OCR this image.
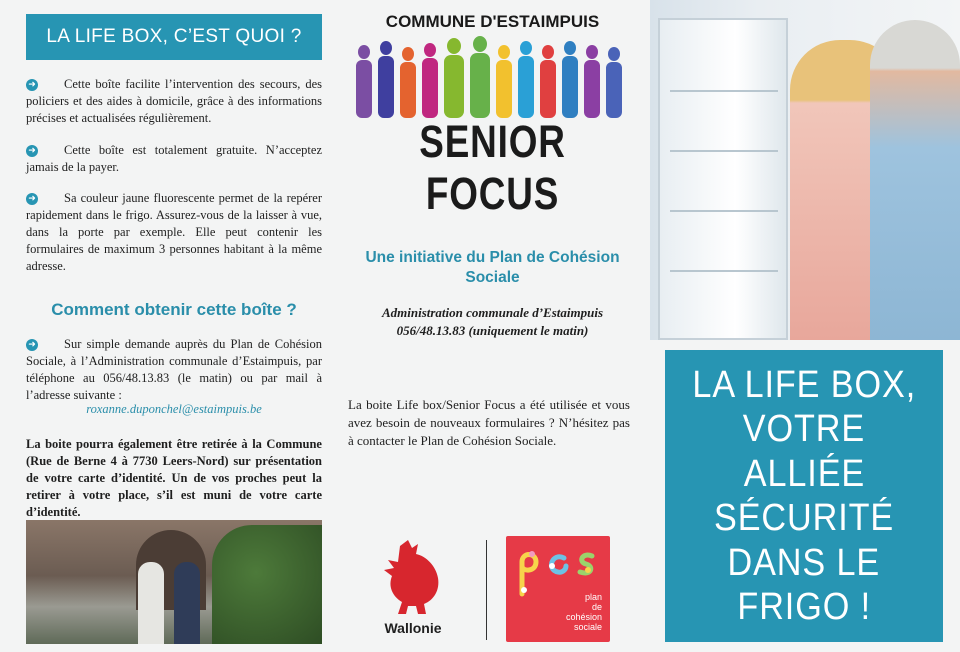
LA LIFE BOX, C’EST QUOI ?
➜ Cette boîte facilite l’intervention des secours, des policiers et des aides à domicile, grâce à des informations précises et actualisées régulièrement.
➜ Cette boîte est totalement gratuite. N’acceptez jamais de la payer.
➜ Sa couleur jaune fluorescente permet de la repérer rapidement dans le frigo. Assurez-vous de la laisser à vue, dans la porte par exemple. Elle peut contenir les formulaires de maximum 3 personnes habitant à la même adresse.
Comment obtenir cette boîte ?
➜ Sur simple demande auprès du Plan de Cohésion Sociale, à l’Administration communale d’Estaimpuis, par téléphone au 056/48.13.83 (le matin) ou par mail à l’adresse suivante :
roxanne.duponchel@estaimpuis.be
La boite pourra également être retirée à la Commune (Rue de Berne 4 à 7730 Leers-Nord) sur présentation de votre carte d’identité. Un de vos proches peut la retirer à votre place, s’il est muni de votre carte d’identité.
COMMUNE D'ESTAIMPUIS
SENIOR FOCUS
Une initiative du Plan de Cohésion Sociale
Administration communale d’Estaimpuis
056/48.13.83 (uniquement le matin)
La boite Life box/Senior Focus a été utilisée et vous avez besoin de nouveaux formulaires ? N’hésitez pas à contacter le Plan de Cohésion Sociale.
Wallonie
plan
de
cohésion
sociale
LA LIFE BOX,
VOTRE
ALLIÉE
SÉCURITÉ
DANS LE
FRIGO !
